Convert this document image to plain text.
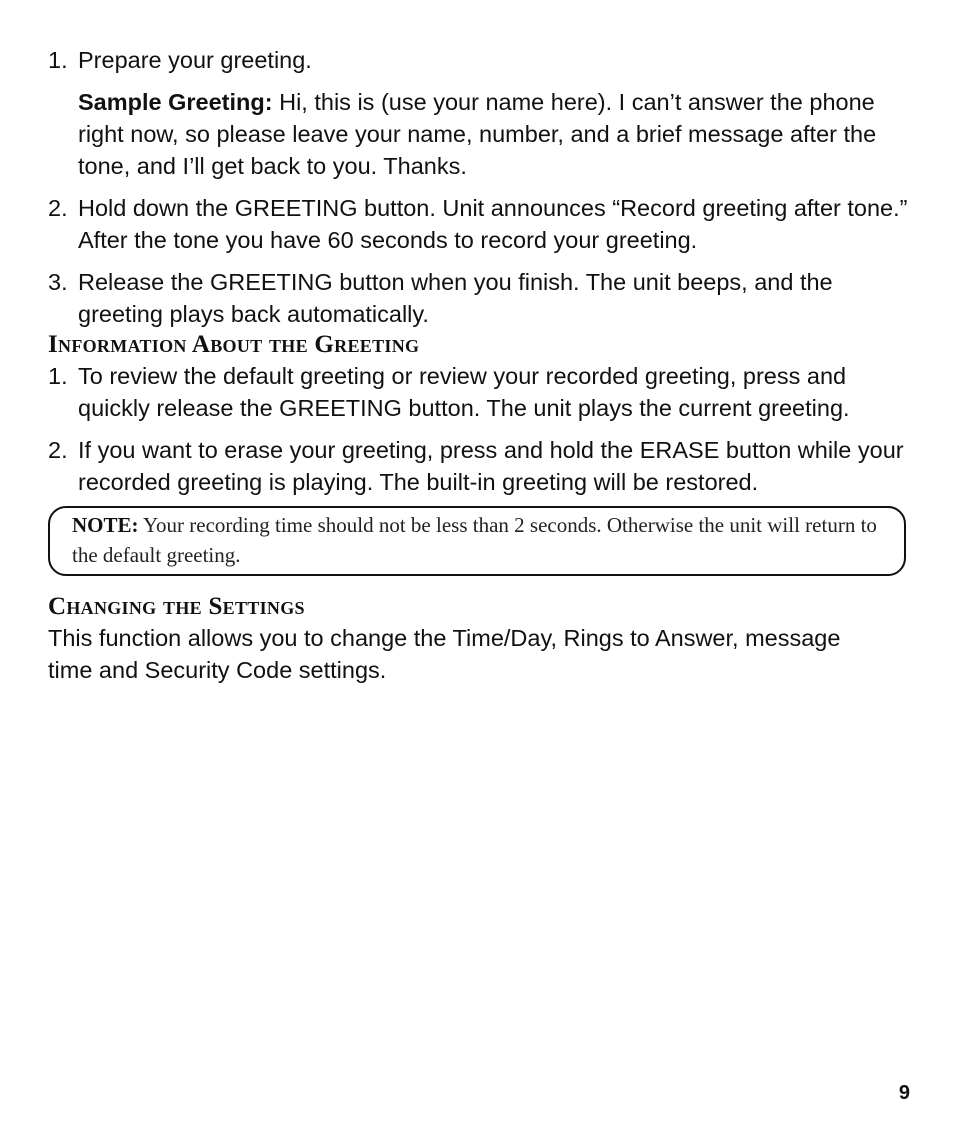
1. Prepare your greeting.

Sample Greeting: Hi, this is (use your name here). I can’t answer the phone right now, so please leave your name, number, and a brief message after the tone, and I’ll get back to you. Thanks.

2. Hold down the GREETING button. Unit announces “Record greeting after tone.” After the tone you have 60 seconds to record your greeting.

3. Release the GREETING button when you finish. The unit beeps, and the greeting plays back automatically.

Information About the Greeting

1. To review the default greeting or review your recorded greeting, press and quickly release the GREETING button. The unit plays the current greeting.

2. If you want to erase your greeting, press and hold the ERASE button while your recorded greeting is playing. The built-in greeting will be restored.

NOTE: Your recording time should not be less than 2 seconds. Otherwise the unit will return to the default greeting.
Changing the Settings

This function allows you to change the Time/Day, Rings to Answer, message time and Security Code settings.

9
